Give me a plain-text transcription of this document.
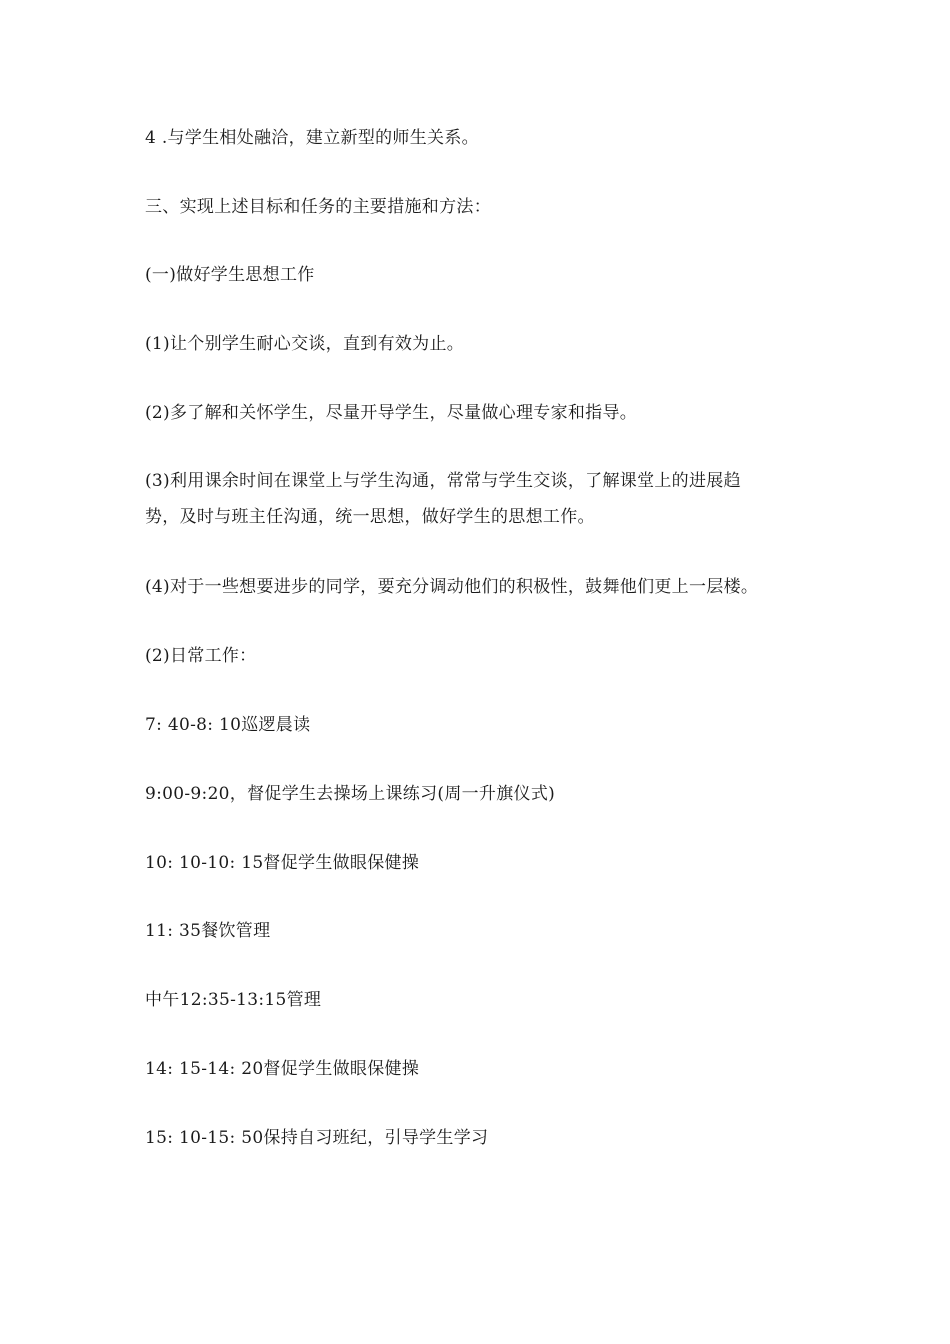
4 .与学生相处融洽，建立新型的师生关系。
三、实现上述目标和任务的主要措施和方法：
(一)做好学生思想工作
(1)让个别学生耐心交谈，直到有效为止。
(2)多了解和关怀学生，尽量开导学生，尽量做心理专家和指导。
(3)利用课余时间在课堂上与学生沟通，常常与学生交谈，了解课堂上的进展趋
势，及时与班主任沟通，统一思想，做好学生的思想工作。
(4)对于一些想要进步的同学，要充分调动他们的积极性，鼓舞他们更上一层楼。
(2)日常工作：
7: 40-8: 10巡逻晨读
9:00-9:20，督促学生去操场上课练习(周一升旗仪式)
10: 10-10: 15督促学生做眼保健操
11: 35餐饮管理
中午12:35-13:15管理
14: 15-14: 20督促学生做眼保健操
15: 10-15: 50保持自习班纪，引导学生学习
